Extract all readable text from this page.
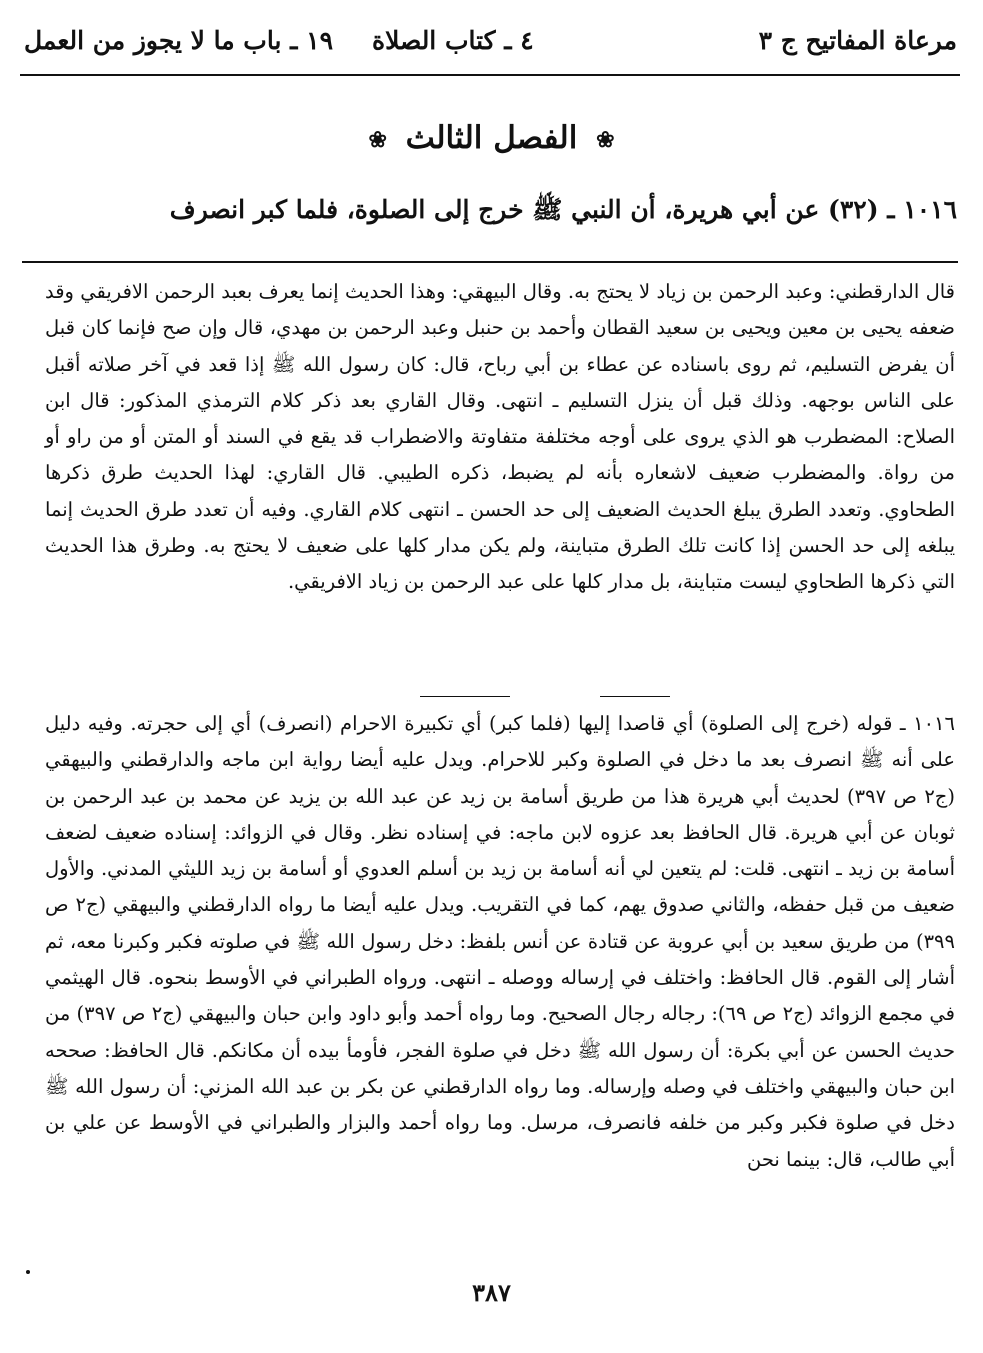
مرعاة المفاتيح ج ٣
٤ ـ كتاب الصلاة
١٩ ـ باب ما لا يجوز من العمل
❀ الفصل الثالث ❀
١٠١٦ ـ (٣٢) عن أبي هريرة، أن النبي ﷺ خرج إلى الصلوة، فلما كبر انصرف

قال الدارقطني: وعبد الرحمن بن زياد لا يحتج به. وقال البيهقي: وهذا الحديث إنما يعرف بعبد الرحمن الافريقي وقد ضعفه يحيى بن معين ويحيى بن سعيد القطان وأحمد بن حنبل وعبد الرحمن بن مهدي، قال وإن صح فإنما كان قبل أن يفرض التسليم، ثم روى باسناده عن عطاء بن أبي رباح، قال: كان رسول الله ﷺ إذا قعد في آخر صلاته أقبل على الناس بوجهه. وذلك قبل أن ينزل التسليم ـ انتهى. وقال القاري بعد ذكر كلام الترمذي المذكور: قال ابن الصلاح: المضطرب هو الذي يروى على أوجه مختلفة متفاوتة والاضطراب قد يقع في السند أو المتن أو من راو أو من رواة. والمضطرب ضعيف لاشعاره بأنه لم يضبط، ذكره الطيبي. قال القاري: لهذا الحديث طرق ذكرها الطحاوي. وتعدد الطرق يبلغ الحديث الضعيف إلى حد الحسن ـ انتهى كلام القاري. وفيه أن تعدد طرق الحديث إنما يبلغه إلى حد الحسن إذا كانت تلك الطرق متباينة، ولم يكن مدار كلها على ضعيف لا يحتج به. وطرق هذا الحديث التي ذكرها الطحاوي ليست متباينة، بل مدار كلها على عبد الرحمن بن زياد الافريقي.

١٠١٦ ـ قوله (خرج إلى الصلوة) أي قاصدا إليها (فلما كبر) أي تكبيرة الاحرام (انصرف) أي إلى حجرته. وفيه دليل على أنه ﷺ انصرف بعد ما دخل في الصلوة وكبر للاحرام. ويدل عليه أيضا رواية ابن ماجه والدارقطني والبيهقي (ج٢ ص ٣٩٧) لحديث أبي هريرة هذا من طريق أسامة بن زيد عن عبد الله بن يزيد عن محمد بن عبد الرحمن بن ثوبان عن أبي هريرة. قال الحافظ بعد عزوه لابن ماجه: في إسناده نظر. وقال في الزوائد: إسناده ضعيف لضعف أسامة بن زيد ـ انتهى. قلت: لم يتعين لي أنه أسامة بن زيد بن أسلم العدوي أو أسامة بن زيد الليثي المدني. والأول ضعيف من قبل حفظه، والثاني صدوق يهم، كما في التقريب. ويدل عليه أيضا ما رواه الدارقطني والبيهقي (ج٢ ص ٣٩٩) من طريق سعيد بن أبي عروبة عن قتادة عن أنس بلفظ: دخل رسول الله ﷺ في صلوته فكبر وكبرنا معه، ثم أشار إلى القوم. قال الحافظ: واختلف في إرساله ووصله ـ انتهى. ورواه الطبراني في الأوسط بنحوه. قال الهيثمي في مجمع الزوائد (ج٢ ص ٦٩): رجاله رجال الصحيح. وما رواه أحمد وأبو داود وابن حبان والبيهقي (ج٢ ص ٣٩٧) من حديث الحسن عن أبي بكرة: أن رسول الله ﷺ دخل في صلوة الفجر، فأومأ بيده أن مكانكم. قال الحافظ: صححه ابن حبان والبيهقي واختلف في وصله وإرساله. وما رواه الدارقطني عن بكر بن عبد الله المزني: أن رسول الله ﷺ دخل في صلوة فكبر وكبر من خلفه فانصرف، مرسل. وما رواه أحمد والبزار والطبراني في الأوسط عن علي بن أبي طالب، قال: بينما نحن

٣٨٧
